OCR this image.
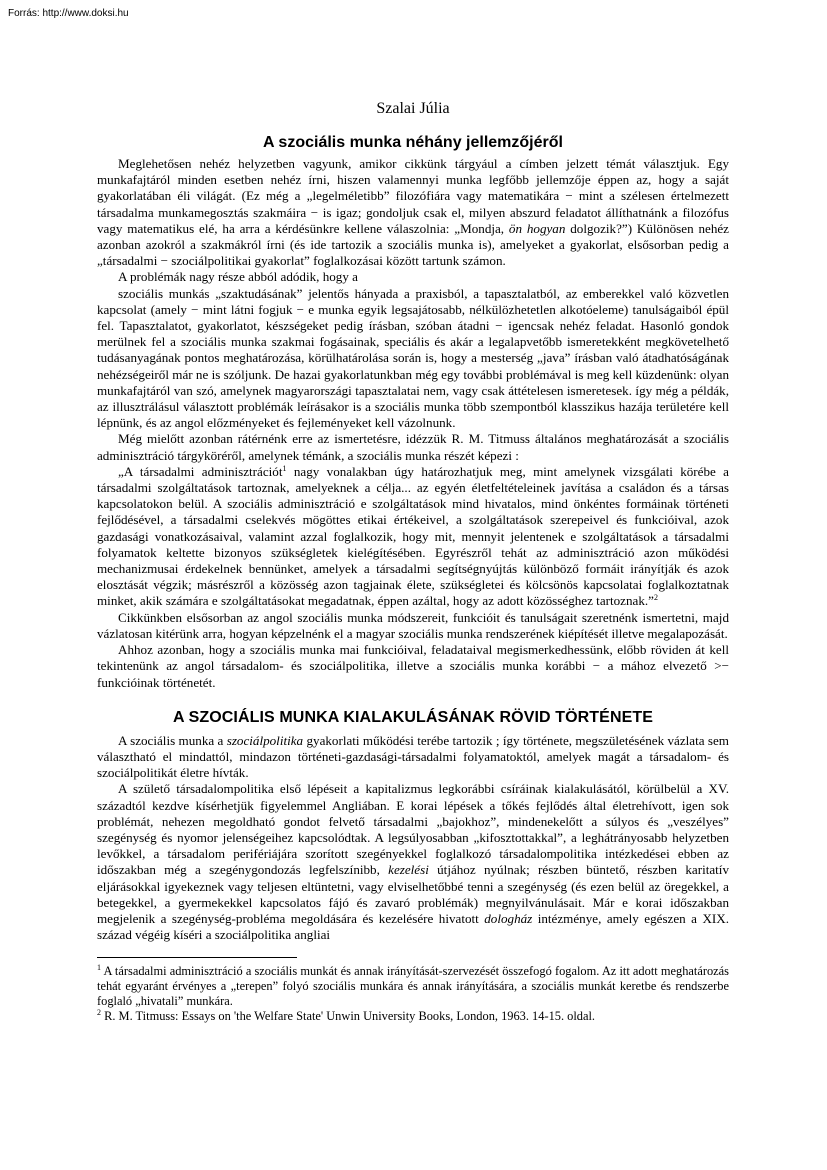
Forrás: http://www.doksi.hu
Szalai Júlia
A szociális munka néhány jellemzőjéről

Meglehetősen nehéz helyzetben vagyunk, amikor cikkünk tárgyául a címben jelzett témát választjuk. Egy munkafajtáról minden esetben nehéz írni, hiszen valamennyi munka legfőbb jellemzője éppen az, hogy a saját gyakorlatában éli világát. (Ez még a „legelméletibb” filozófiára vagy matematikára − mint a szélesen értelmezett társadalma munkamegosztás szakmáira − is igaz; gondoljuk csak el, milyen abszurd feladatot állíthatnánk a filozófus vagy matematikus elé, ha arra a kérdésünkre kellene válaszolnia: „Mondja, ön hogyan dolgozik?”) Különösen nehéz azonban azokról a szakmákról írni (és ide tartozik a szociális munka is), amelyeket a gyakorlat, elsősorban pedig a „társadalmi − szociálpolitikai gyakorlat” foglalkozásai között tartunk számon.

A problémák nagy része abból adódik, hogy a

szociális munkás „szaktudásának” jelentős hányada a praxisból, a tapasztalatból, az emberekkel való közvetlen kapcsolat (amely − mint látni fogjuk − e munka egyik legsajátosabb, nélkülözhetetlen alkotóeleme) tanulságaiból épül fel. Tapasztalatot, gyakorlatot, készségeket pedig írásban, szóban átadni − igencsak nehéz feladat. Hasonló gondok merülnek fel a szociális munka szakmai fogásainak, speciális és akár a legalapvetőbb ismeretekként megkövetelhető tudásanyagának pontos meghatározása, körülhatárolása során is, hogy a mesterség „java” írásban való átadhatóságának nehézségeiről már ne is szóljunk. De hazai gyakorlatunkban még egy további problémával is meg kell küzdenünk: olyan munkafajtáról van szó, amelynek magyarországi tapasztalatai nem, vagy csak áttételesen ismeretesek. így még a példák, az illusztrálásul választott problémák leírásakor is a szociális munka több szempontból klasszikus hazája területére kell lépnünk, és az angol előzményeket és fejleményeket kell vázolnunk.

Még mielőtt azonban rátérnénk erre az ismertetésre, idézzük R. M. Titmuss általános meghatározását a szociális adminisztráció tárgyköréről, amelynek témánk, a szociális munka részét képezi :

„A társadalmi adminisztrációt$^1$ nagy vonalakban úgy határozhatjuk meg, mint amelynek vizsgálati körébe a társadalmi szolgáltatások tartoznak, amelyeknek a célja... az egyén életfeltételeinek javítása a családon és a társas kapcsolatokon belül. A szociális adminisztráció e szolgáltatások mind hivatalos, mind önkéntes formáinak történeti fejlődésével, a társadalmi cselekvés mögöttes etikai értékeivel, a szolgáltatások szerepeivel és funkcióival, azok gazdasági vonatkozásaival, valamint azzal foglalkozik, hogy mit, mennyit jelentenek e szolgáltatások a társadalmi folyamatok keltette bizonyos szükségletek kielégítésében. Egyrészről tehát az adminisztráció azon működési mechanizmusai érdekelnek bennünket, amelyek a társadalmi segítségnyújtás különböző formáit irányítják és azok elosztását végzik; másrészről a közösség azon tagjainak élete, szükségletei és kölcsönös kapcsolatai foglalkoztatnak minket, akik számára e szolgáltatásokat megadatnak, éppen azáltal, hogy az adott közösséghez tartoznak.”$^2$

Cikkünkben elsősorban az angol szociális munka módszereit, funkcióit és tanulságait szeretnénk ismertetni, majd vázlatosan kitérünk arra, hogyan képzelnénk el a magyar szociális munka rendszerének kiépítését illetve megalapozását.

Ahhoz azonban, hogy a szociális munka mai funkcióival, feladataival megismerkedhessünk, előbb röviden át kell tekintenünk az angol társadalom- és szociálpolitika, illetve a szociális munka korábbi − a mához elvezető >− funkcióinak történetét.

A SZOCIÁLIS MUNKA KIALAKULÁSÁNAK RÖVID TÖRTÉNETE

A szociális munka a szociálpolitika gyakorlati működési terébe tartozik ; így története, megszületésének vázlata sem választható el mindattól, mindazon történeti-gazdasági-társadalmi folyamatoktól, amelyek magát a társadalom- és szociálpolitikát életre hívták.

A születő társadalompolitika első lépéseit a kapitalizmus legkorábbi csíráinak kialakulásától, körülbelül a XV. századtól kezdve kísérhetjük figyelemmel Angliában. E korai lépések a tőkés fejlődés által életrehívott, igen sok problémát, nehezen megoldható gondot felvető társadalmi „bajokhoz”, mindenekelőtt a súlyos és „veszélyes” szegénység és nyomor jelenségeihez kapcsolódtak. A legsúlyosabban „kifosztottakkal”, a leghátrányosabb helyzetben levőkkel, a társadalom perifériájára szorított szegényekkel foglalkozó társadalompolitika intézkedései ebben az időszakban még a szegénygondozás legfelszínibb, kezelési útjához nyúlnak; részben büntető, részben karitatív eljárásokkal igyekeznek vagy teljesen eltüntetni, vagy elviselhetőbbé tenni a szegénység (és ezen belül az öregekkel, a betegekkel, a gyermekekkel kapcsolatos fájó és zavaró problémák) megnyilvánulásait. Már e korai időszakban megjelenik a szegénység-probléma megoldására és kezelésére hivatott dologház intézménye, amely egészen a XIX. század végéig kíséri a szociálpolitika angliai

$^1$ A társadalmi adminisztráció a szociális munkát és annak irányítását-szervezését összefogó fogalom. Az itt adott meghatározás tehát egyaránt érvényes a „terepen” folyó szociális munkára és annak irányítására, a szociális munkát keretbe és rendszerbe foglaló „hivatali” munkára.

$^2$ R. M. Titmuss: Essays on 'the Welfare State' Unwin University Books, London, 1963. 14-15. oldal.
